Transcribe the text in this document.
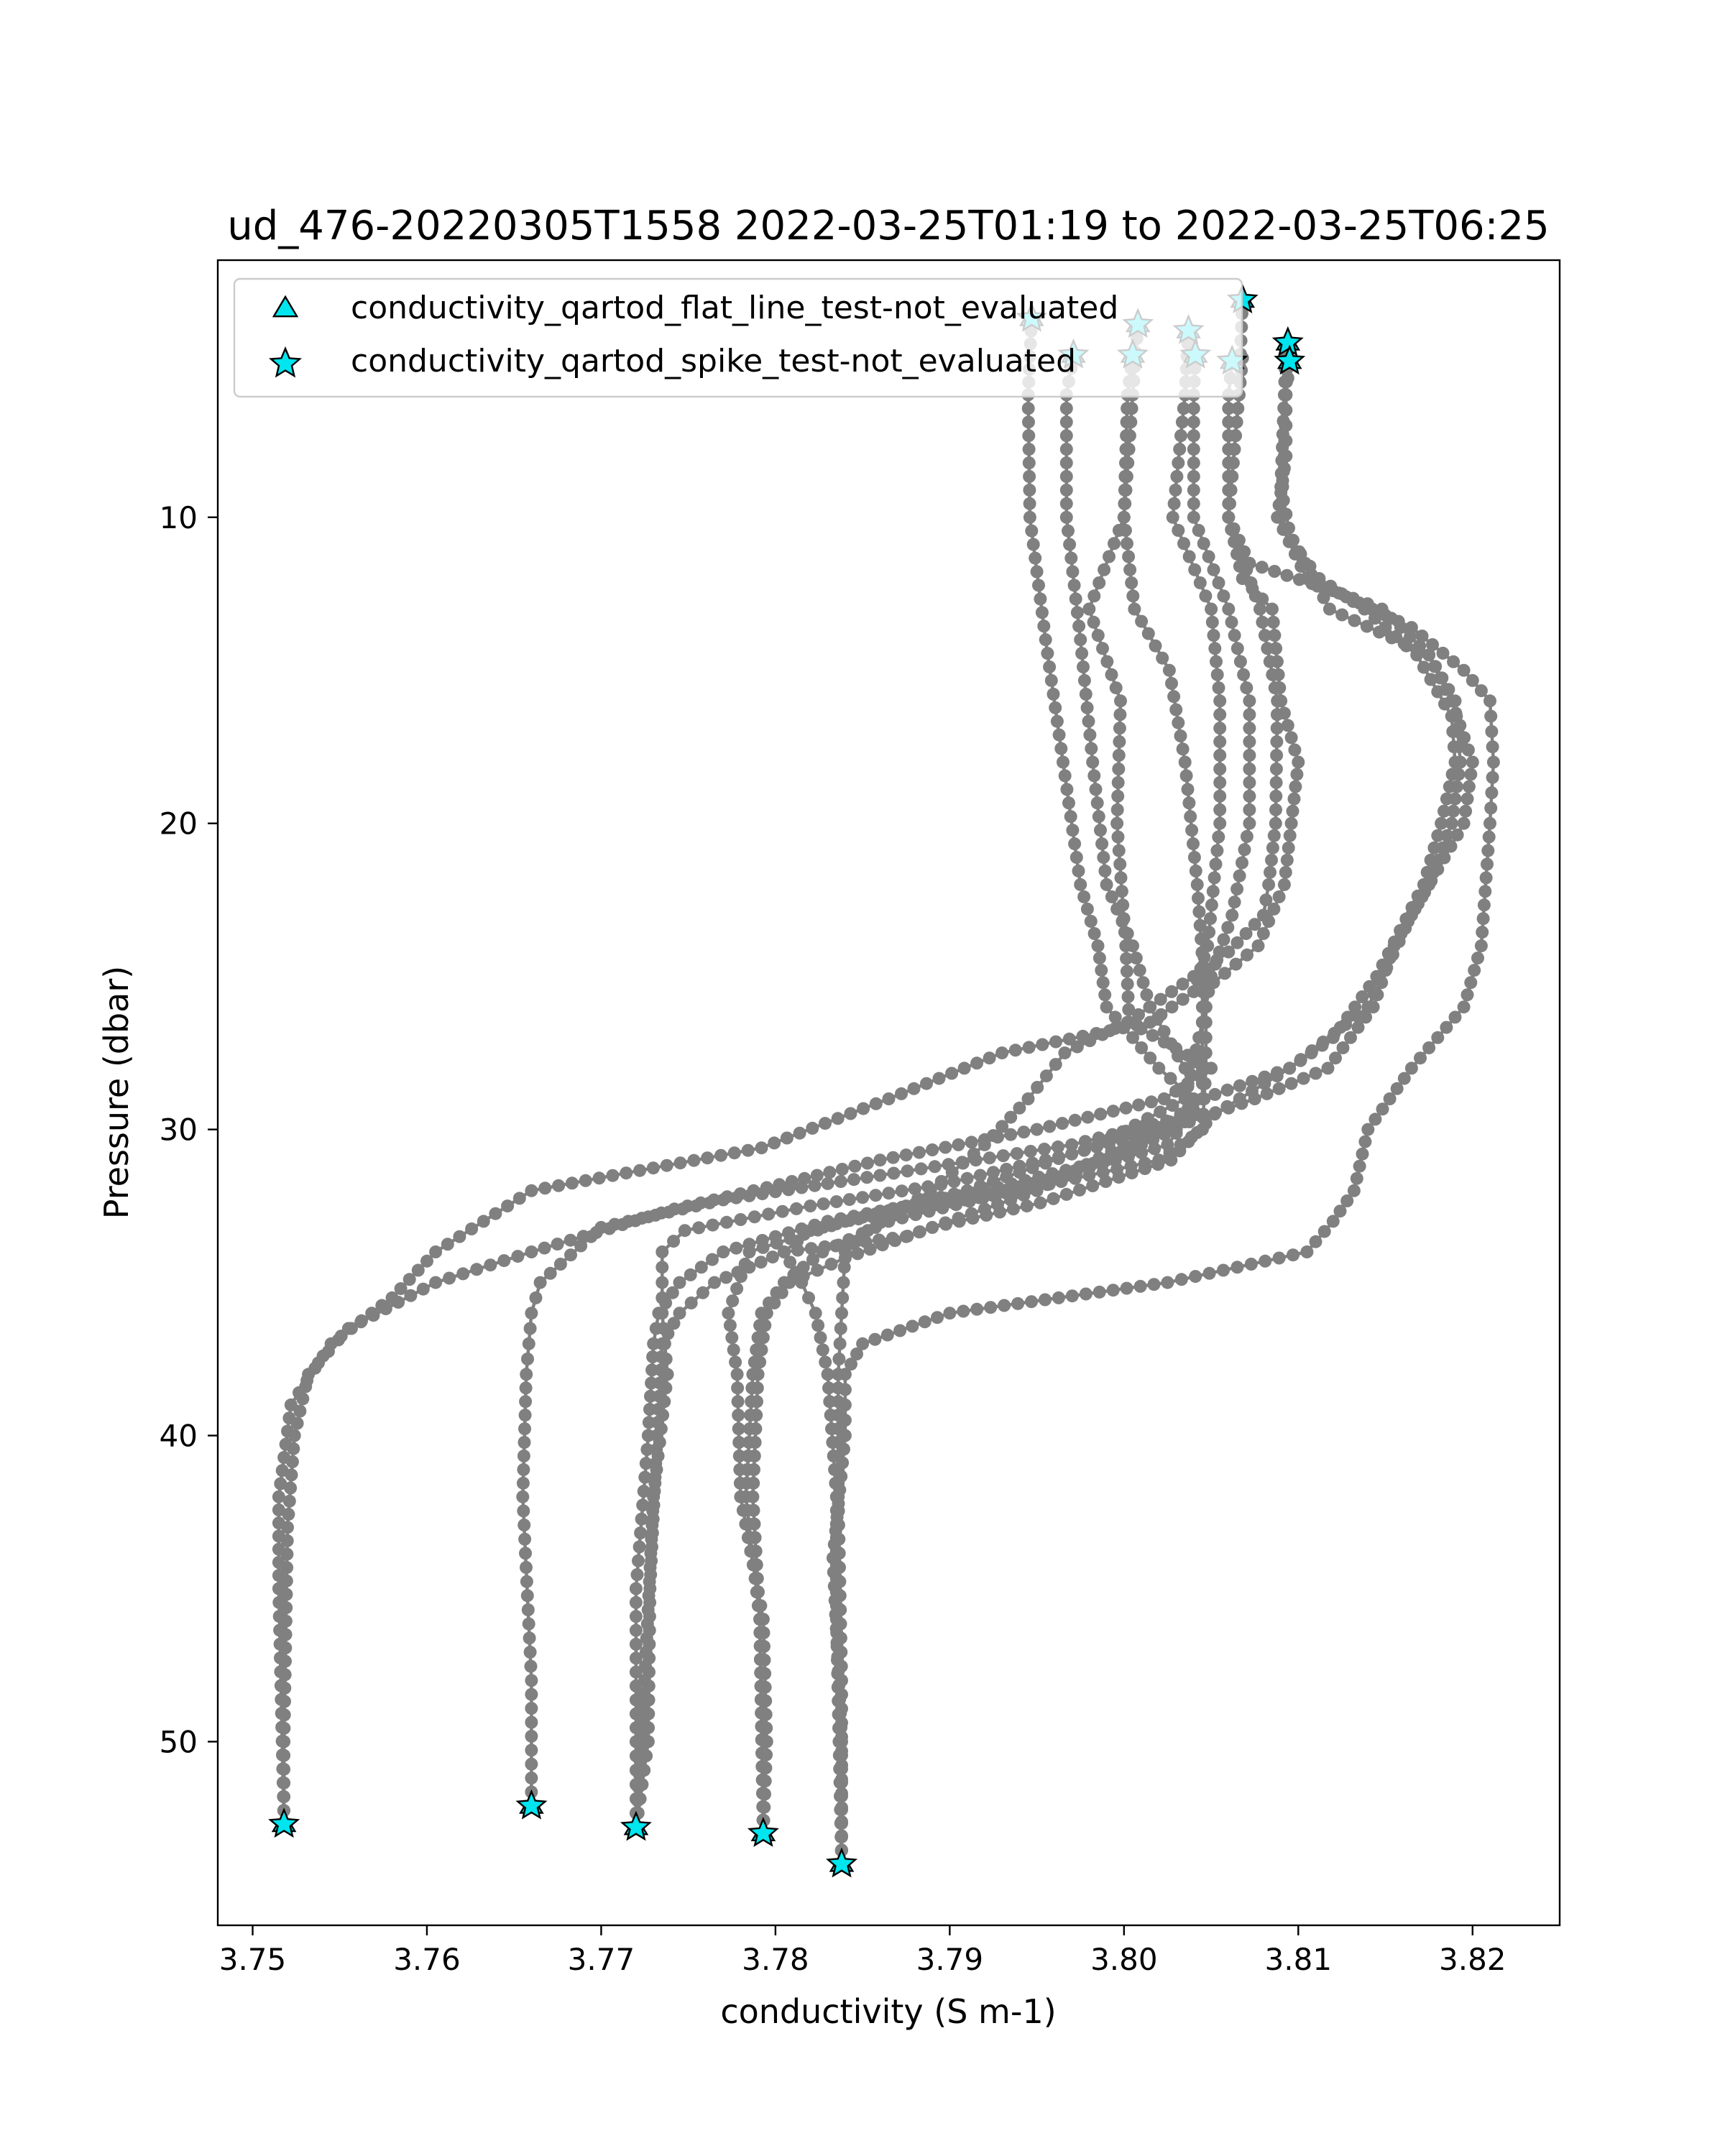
ud_476-20220305T1558 2022-03-25T01:19 to 2022-03-25T06:25
3.75	3.76	3.77	3.78	3.79	3.80	3.81	3.82
10
20
30
40
50
conductivity (S m-1)
Pressure (dbar)
conductivity_qartod_flat_line_test-not_evaluated
conductivity_qartod_spike_test-not_evaluated
